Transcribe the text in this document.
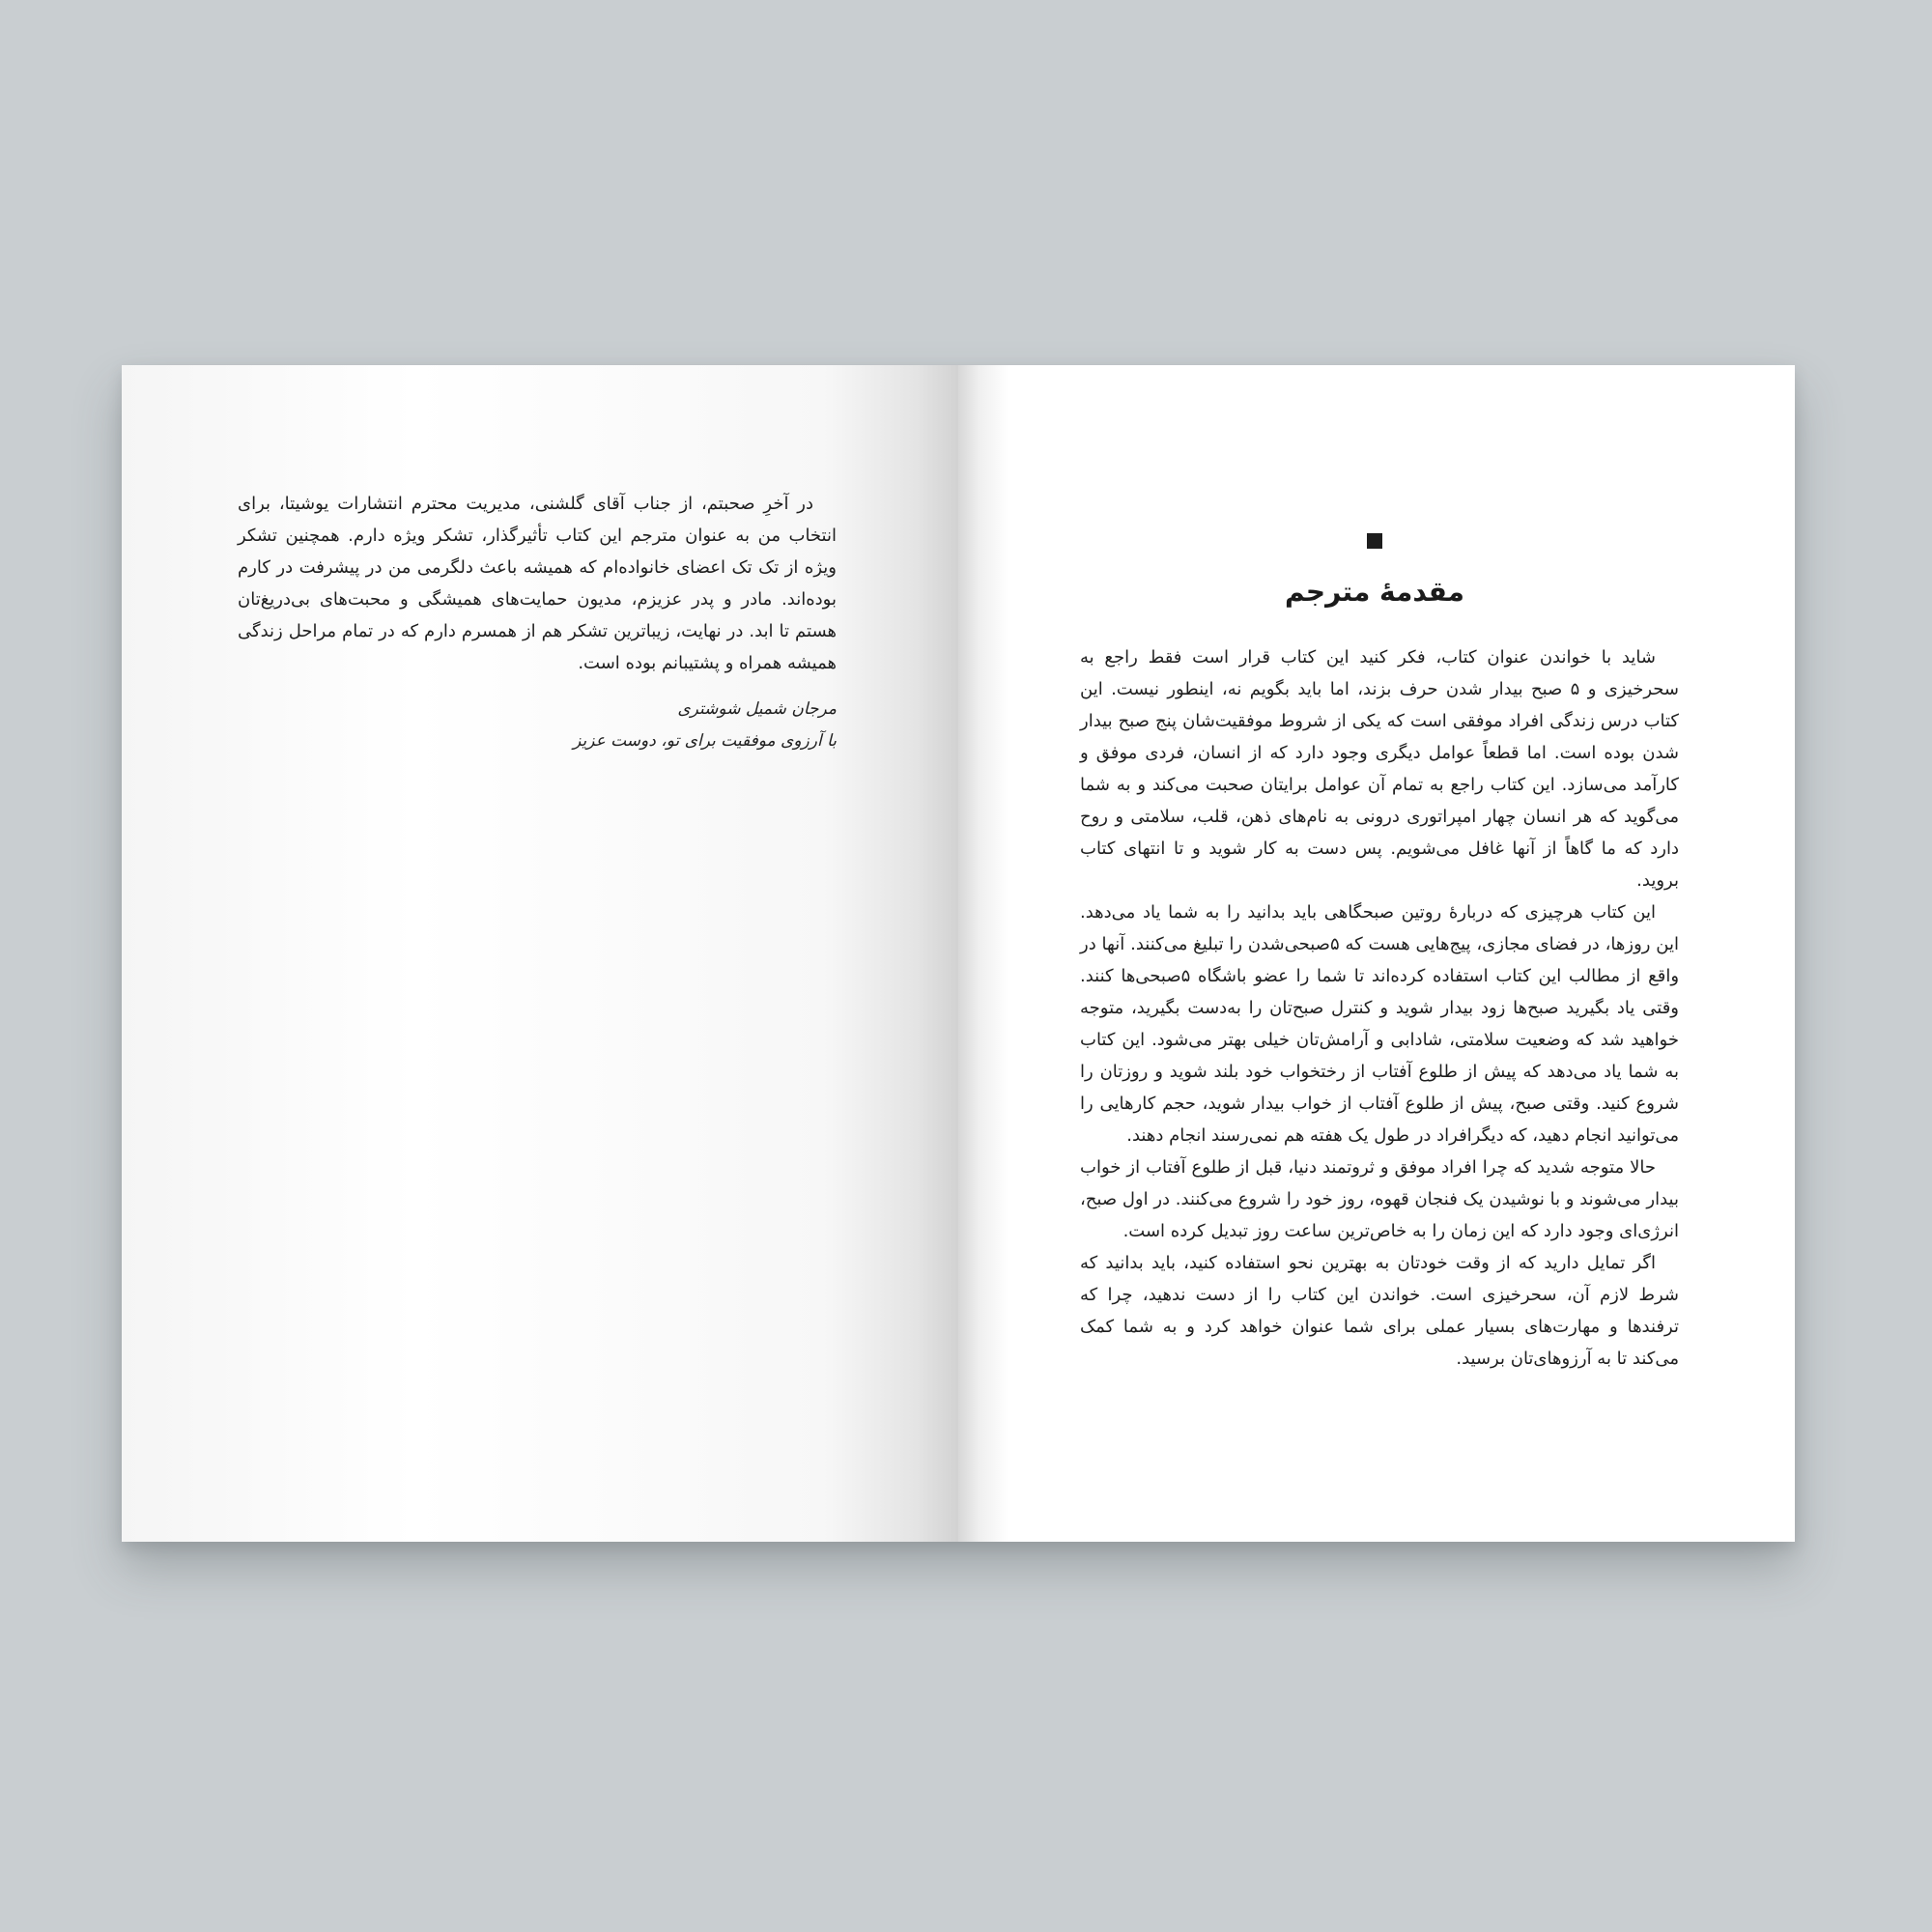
در آخرِ صحبتم، از جناب آقای گلشنی، مدیریت محترم انتشارات یوشیتا، برای انتخاب من به عنوان مترجم این کتاب تأثیرگذار، تشکر ویژه دارم. همچنین تشکر ویژه از تک تک اعضای خانواده‌ام که همیشه باعث دلگرمی من در پیشرفت در کارم بوده‌اند. مادر و پدر عزیزم، مدیون حمایت‌های همیشگی و محبت‌های بی‌دریغ‌تان هستم تا ابد. در نهایت، زیباترین تشکر هم از همسرم دارم که در تمام مراحل زندگی همیشه همراه و پشتیبانم بوده است.

مرجان شمیل شوشتری
با آرزوی موفقیت برای تو، دوست عزیز
مقدمهٔ مترجم

شاید با خواندن عنوان کتاب، فکر کنید این کتاب قرار است فقط راجع به سحرخیزی و ۵ صبح بیدار شدن حرف بزند، اما باید بگویم نه، اینطور نیست. این کتاب درس زندگی افراد موفقی است که یکی از شروط موفقیت‌شان پنج صبح بیدار شدن بوده است. اما قطعاً عوامل دیگری وجود دارد که از انسان، فردی موفق و کارآمد می‌سازد. این کتاب راجع به تمام آن عوامل برایتان صحبت می‌کند و به شما می‌گوید که هر انسان چهار امپراتوری درونی به نام‌های ذهن، قلب، سلامتی و روح دارد که ما گاهاً از آنها غافل می‌شویم. پس دست به کار شوید و تا انتهای کتاب بروید.

این کتاب هرچیزی که دربارهٔ روتین صبحگاهی باید بدانید را به شما یاد می‌دهد. این روزها، در فضای مجازی، پیج‌هایی هست که ۵صبحی‌شدن را تبلیغ می‌کنند. آنها در واقع از مطالب این کتاب استفاده کرده‌اند تا شما را عضو باشگاه ۵صبحی‌ها کنند. وقتی یاد بگیرید صبح‌ها زود بیدار شوید و کنترل صبح‌تان را به‌دست بگیرید، متوجه خواهید شد که وضعیت سلامتی، شادابی و آرامش‌تان خیلی بهتر می‌شود. این کتاب به شما یاد می‌دهد که پیش از طلوع آفتاب از رختخواب خود بلند شوید و روزتان را شروع کنید. وقتی صبح، پیش از طلوع آفتاب از خواب بیدار شوید، حجم کارهایی را می‌توانید انجام دهید، که دیگرافراد در طول یک هفته هم نمی‌رسند انجام دهند.

حالا متوجه شدید که چرا افراد موفق و ثروتمند دنیا، قبل از طلوع آفتاب از خواب بیدار می‌شوند و با نوشیدن یک فنجان قهوه، روز خود را شروع می‌کنند. در اول صبح، انرژی‌ای وجود دارد که این زمان را به خاص‌ترین ساعت روز تبدیل کرده است.

اگر تمایل دارید که از وقت خودتان به بهترین نحو استفاده کنید، باید بدانید که شرط لازم آن، سحرخیزی است. خواندن این کتاب را از دست ندهید، چرا که ترفندها و مهارت‌های بسیار عملی برای شما عنوان خواهد کرد و به شما کمک می‌کند تا به آرزوهای‌تان برسید.
